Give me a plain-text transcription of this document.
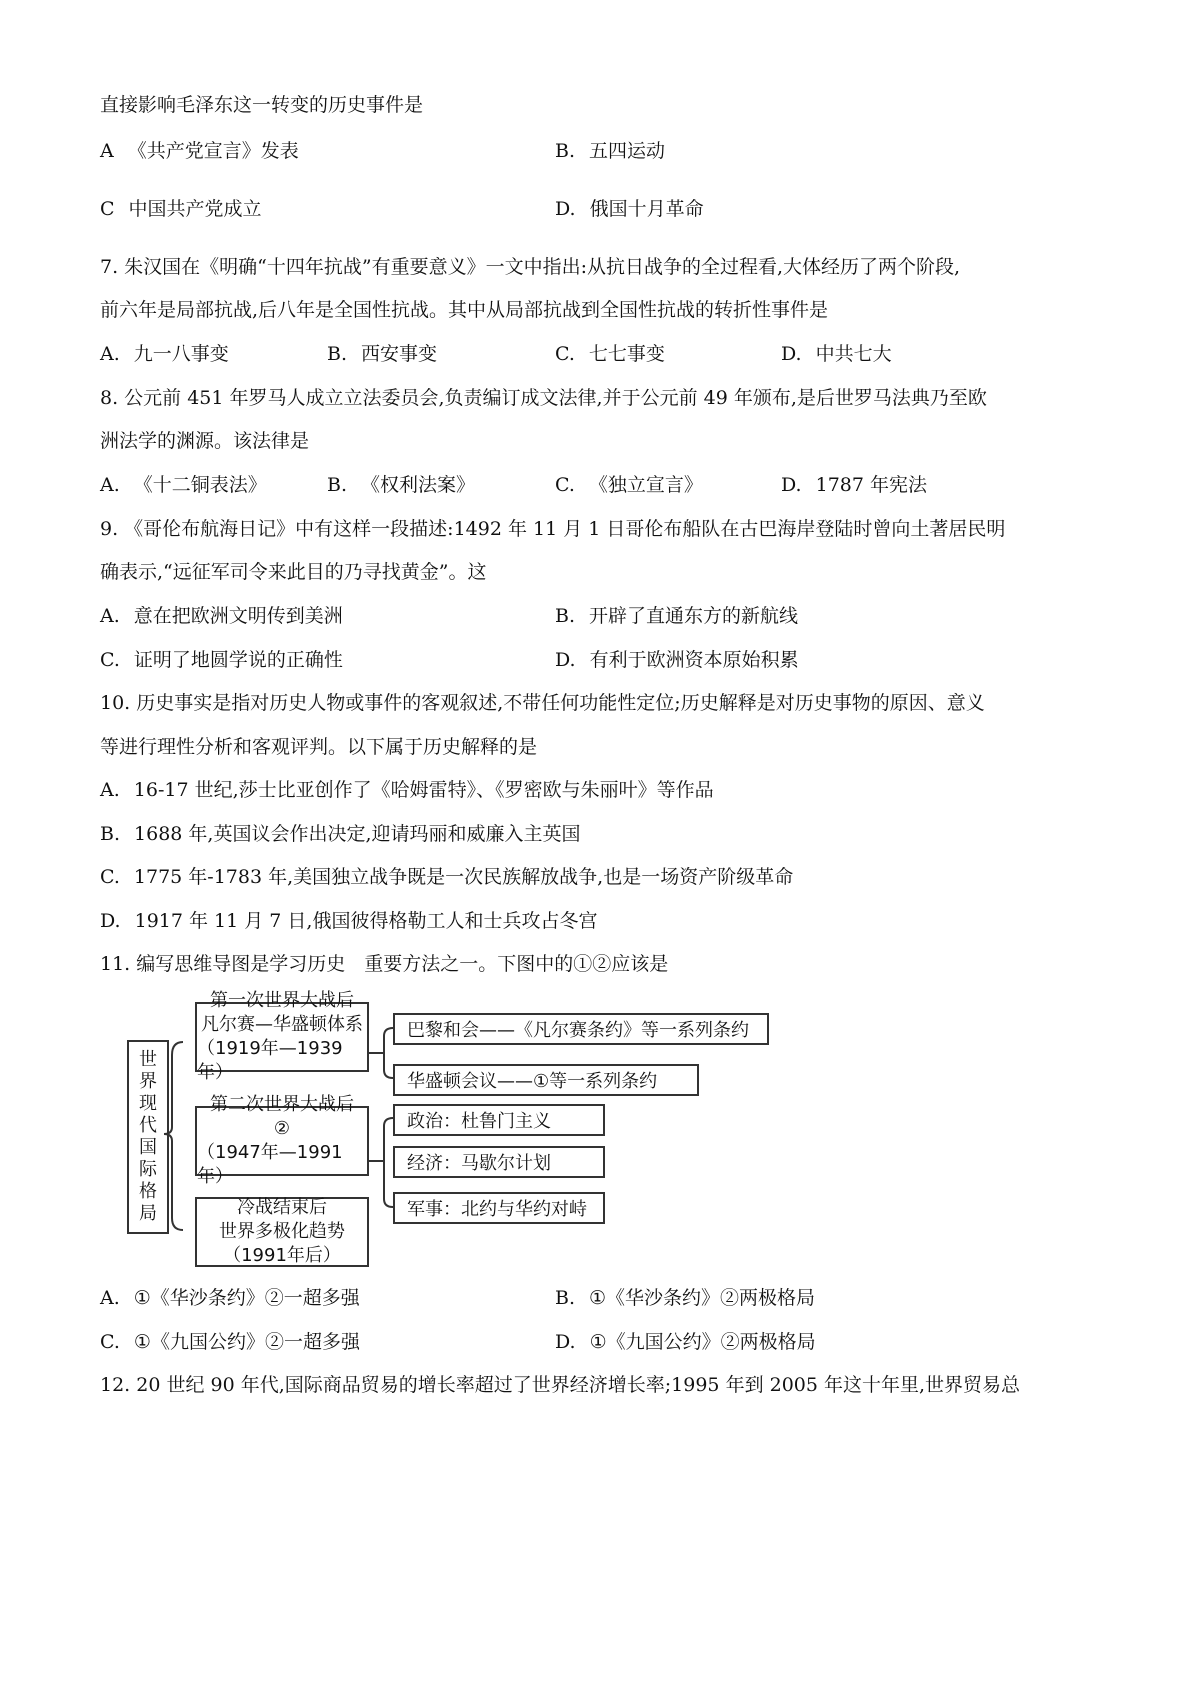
直接影响毛泽东这一转变的历史事件是
A 《共产党宣言》发表	B. 五四运动
C 中国共产党成立	D. 俄国十月革命
7. 朱汉国在《明确“十四年抗战”有重要意义》一文中指出:从抗日战争的全过程看,大体经历了两个阶段,
前六年是局部抗战,后八年是全国性抗战。其中从局部抗战到全国性抗战的转折性事件是
A. 九一八事变	B. 西安事变	C. 七七事变	D. 中共七大
8. 公元前 451 年罗马人成立立法委员会,负责编订成文法律,并于公元前 49 年颁布,是后世罗马法典乃至欧
洲法学的渊源。该法律是
A. 《十二铜表法》	B. 《权利法案》	C. 《独立宣言》	D. 1787 年宪法
9. 《哥伦布航海日记》中有这样一段描述:1492 年 11 月 1 日哥伦布船队在古巴海岸登陆时曾向土著居民明
确表示,“远征军司令来此目的乃寻找黄金”。这
A. 意在把欧洲文明传到美洲	B. 开辟了直通东方的新航线
C. 证明了地圆学说的正确性	D. 有利于欧洲资本原始积累
10. 历史事实是指对历史人物或事件的客观叙述,不带任何功能性定位;历史解释是对历史事物的原因、意义
等进行理性分析和客观评判。以下属于历史解释的是
A. 16-17 世纪,莎士比亚创作了《哈姆雷特》、《罗密欧与朱丽叶》等作品
B. 1688 年,英国议会作出决定,迎请玛丽和威廉入主英国
C. 1775 年-1783 年,美国独立战争既是一次民族解放战争,也是一场资产阶级革命
D. 1917 年 11 月 7 日,俄国彼得格勒工人和士兵攻占冬宫
11. 编写思维导图是学习历史　重要方法之一。下图中的①②应该是
世
界
现
代
国
际
格
局
第一次世界大战后
凡尔赛—华盛顿体系
（1919年—1939年）
第二次世界大战后
②
（1947年—1991年）
冷战结束后
世界多极化趋势
（1991年后）
巴黎和会——《凡尔赛条约》等一系列条约
华盛顿会议——①等一系列条约
政治：杜鲁门主义
经济：马歇尔计划
军事：北约与华约对峙
A. ①《华沙条约》②一超多强	B. ①《华沙条约》②两极格局
C. ①《九国公约》②一超多强	D. ①《九国公约》②两极格局
12. 20 世纪 90 年代,国际商品贸易的增长率超过了世界经济增长率;1995 年到 2005 年这十年里,世界贸易总
